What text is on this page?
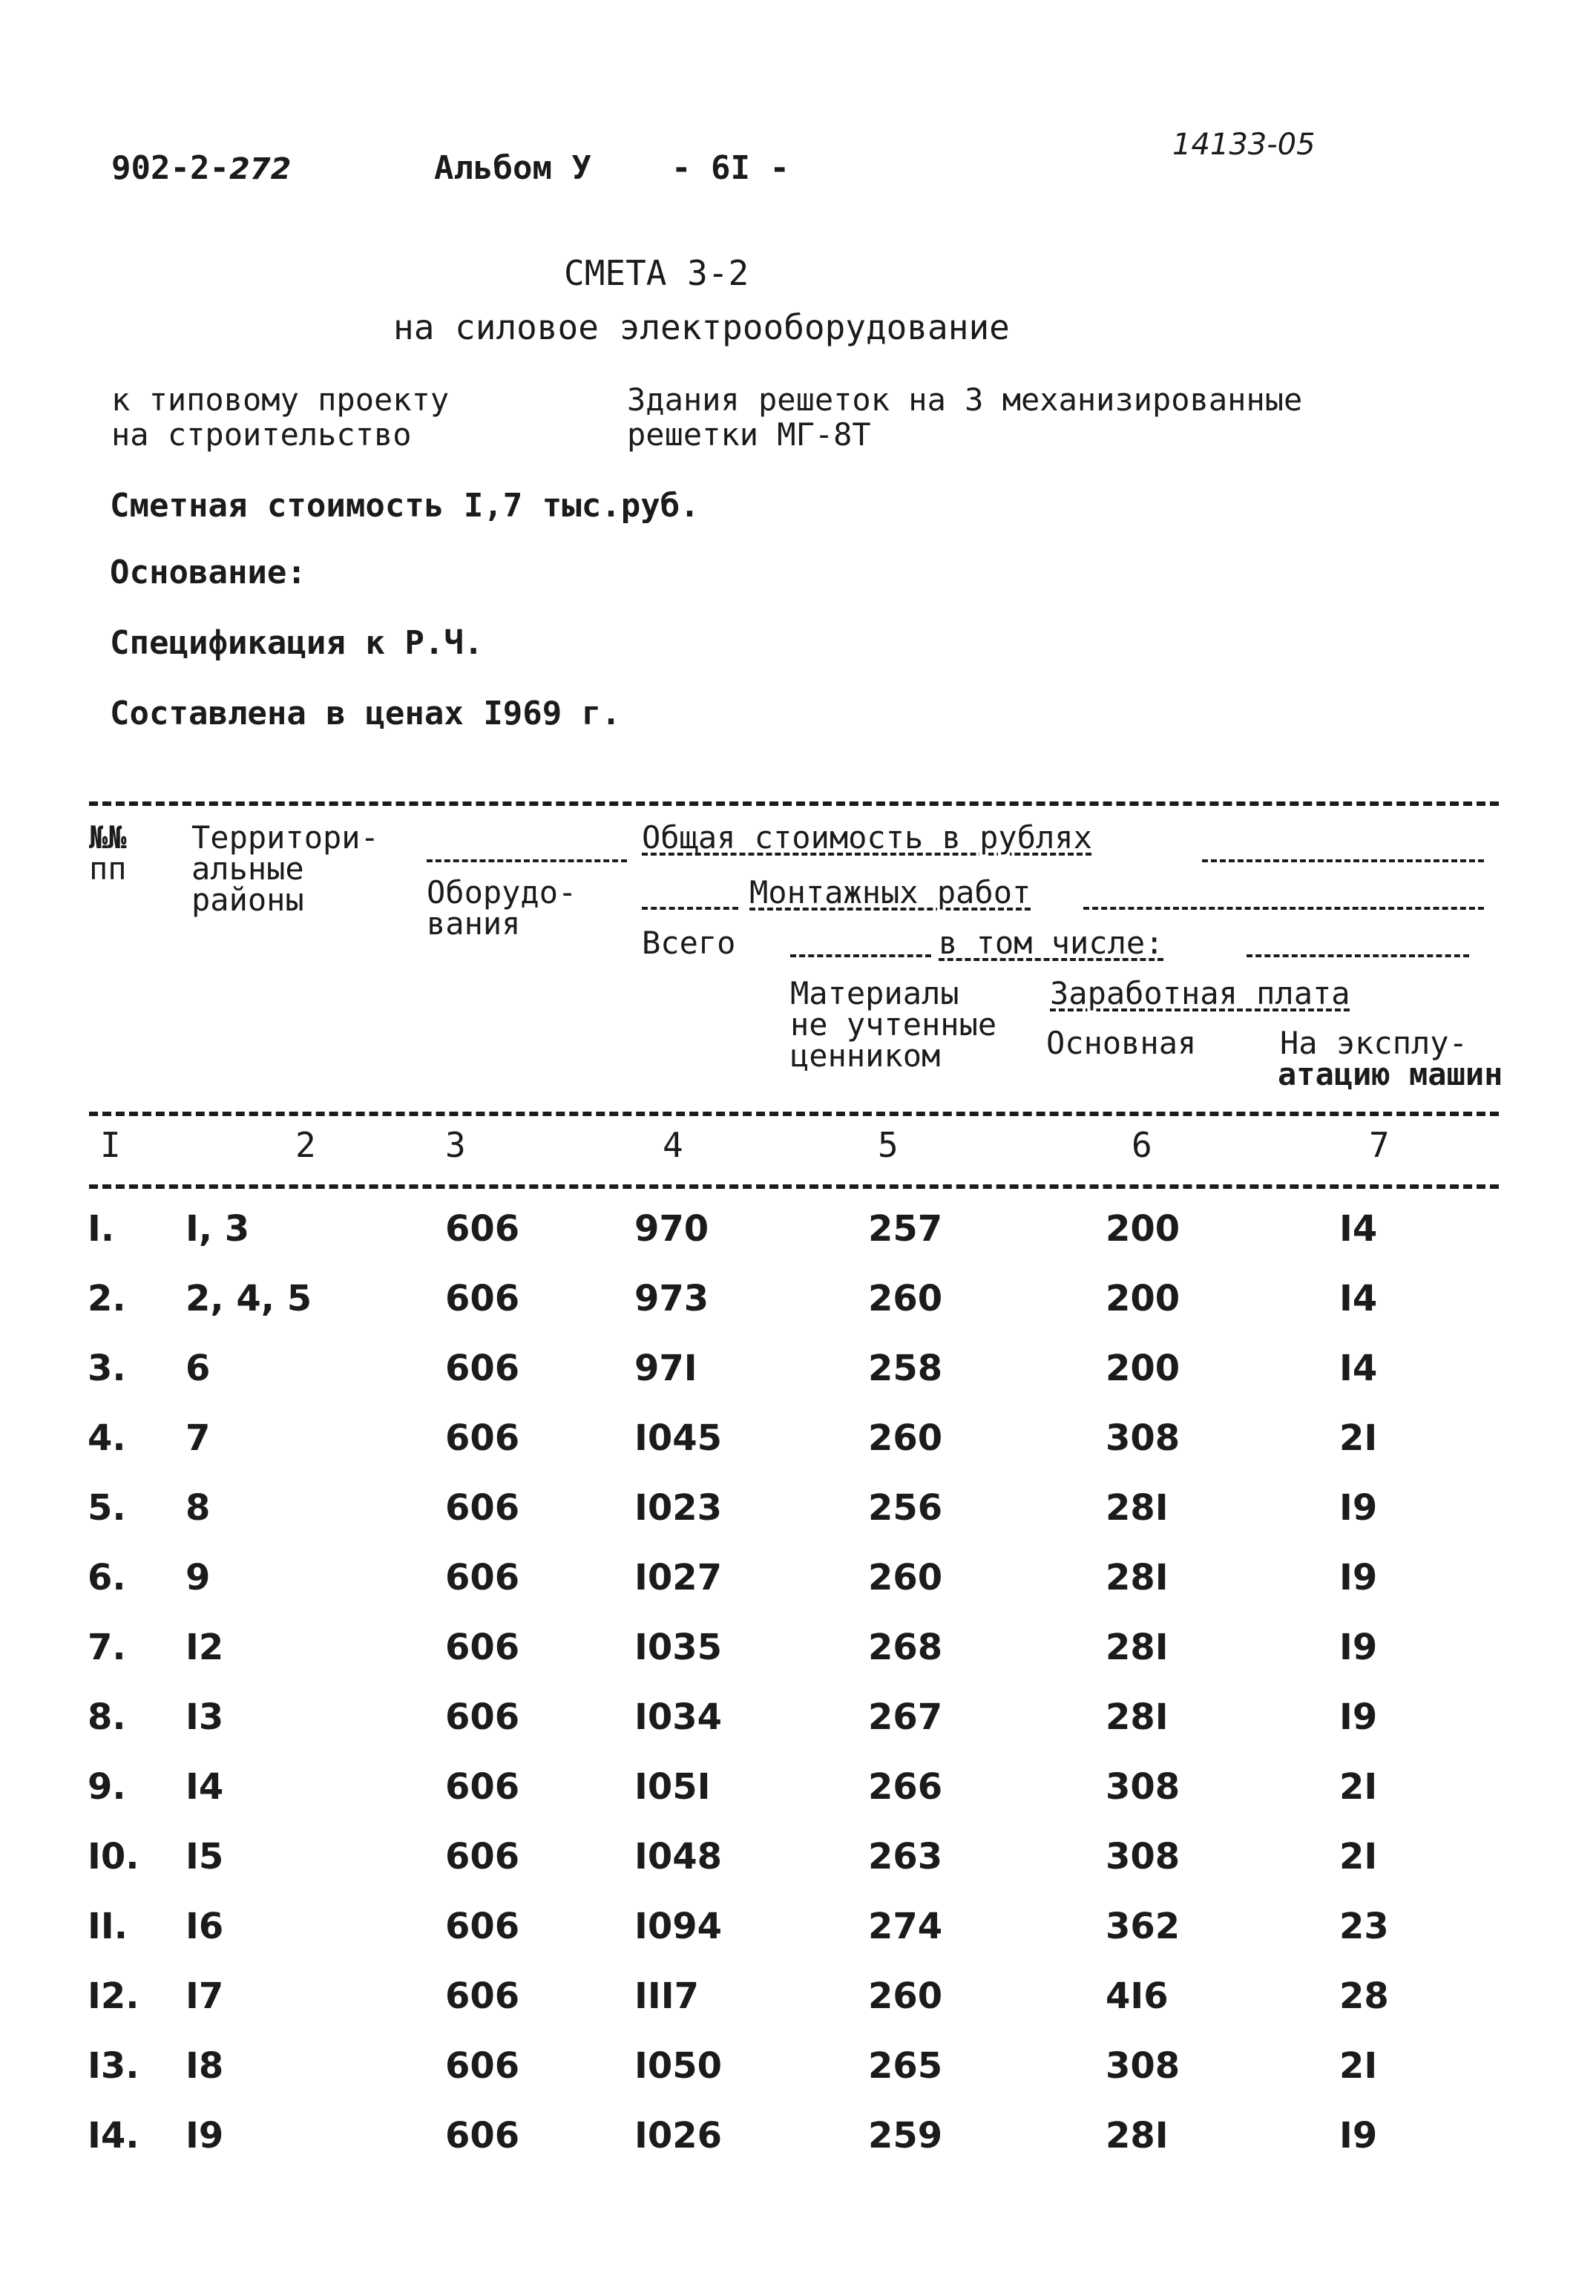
902-2-272	Альбом У - 6I -
14133-05
СМЕТА 3-2
на силовое электрооборудование
к типовому проекту
на строительство
Здания решеток на 3 механизированные
решетки МГ-8Т
Сметная стоимость I,7 тыс.руб.
Основание:
Спецификация к Р.Ч.
Составлена в ценах I969 г.
№№
пп
Территори-
альные
районы
Общая стоимость в рублях
Оборудо-
вания
Монтажных работ
Всего	в том числе:
Материалы
не учтенные
ценником
Заработная плата
Основная	На эксплу-
атацию машин
I	2	3	4	5	6	7
I. I, 3	606	970	257	200	I4
2. 2, 4, 5	606	973	260	200	I4
3. 6	606	97I	258	200	I4
4. 7	606	I045	260	308	2I
5. 8	606	I023	256	28I	I9
6. 9	606	I027	260	28I	I9
7. I2	606	I035	268	28I	I9
8. I3	606	I034	267	28I	I9
9. I4	606	I05I	266	308	2I
I0. I5	606	I048	263	308	2I
II. I6	606	I094	274	362	23
I2. I7	606	III7	260	4I6	28
I3. I8	606	I050	265	308	2I
I4. I9	606	I026	259	28I	I9
